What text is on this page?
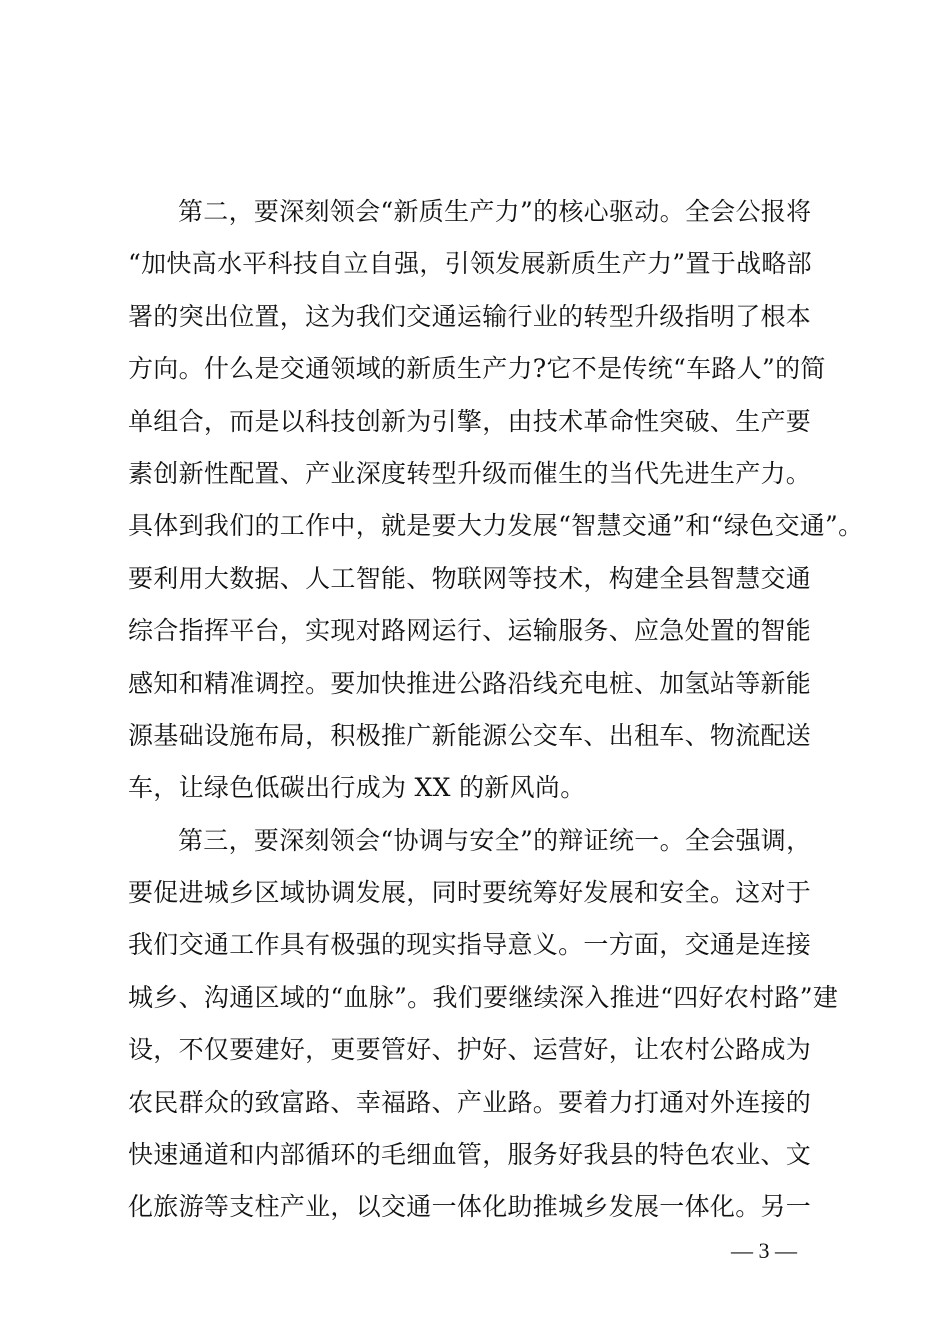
第二，要深刻领会“新质生产力”的核心驱动。全会公报将
“加快高水平科技自立自强，引领发展新质生产力”置于战略部
署的突出位置，这为我们交通运输行业的转型升级指明了根本
方向。什么是交通领域的新质生产力?它不是传统“车路人”的简
单组合，而是以科技创新为引擎，由技术革命性突破、生产要
素创新性配置、产业深度转型升级而催生的当代先进生产力。
具体到我们的工作中，就是要大力发展“智慧交通”和“绿色交通”。
要利用大数据、人工智能、物联网等技术，构建全县智慧交通
综合指挥平台，实现对路网运行、运输服务、应急处置的智能
感知和精准调控。要加快推进公路沿线充电桩、加氢站等新能
源基础设施布局，积极推广新能源公交车、出租车、物流配送
车，让绿色低碳出行成为 XX 的新风尚。
第三，要深刻领会“协调与安全”的辩证统一。全会强调，
要促进城乡区域协调发展，同时要统筹好发展和安全。这对于
我们交通工作具有极强的现实指导意义。一方面，交通是连接
城乡、沟通区域的“血脉”。我们要继续深入推进“四好农村路”建
设，不仅要建好，更要管好、护好、运营好，让农村公路成为
农民群众的致富路、幸福路、产业路。要着力打通对外连接的
快速通道和内部循环的毛细血管，服务好我县的特色农业、文
化旅游等支柱产业，以交通一体化助推城乡发展一体化。另一
— 3 —
